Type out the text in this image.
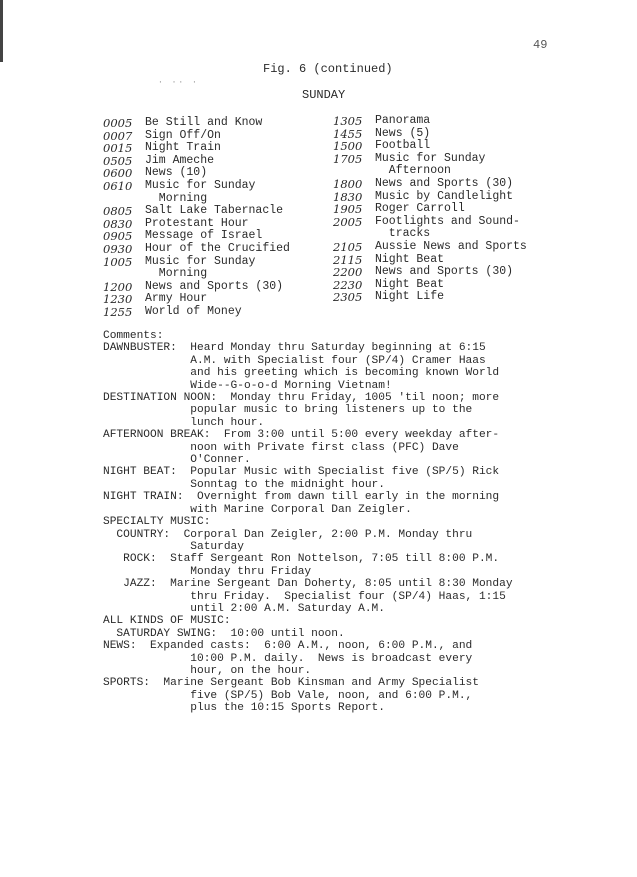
49
· ·· ·
Fig. 6 (continued)
SUNDAY
0005	Be Still and Know
0007	Sign Off/On
0015	Night Train
0505	Jim Ameche
0600	News (10)
0610	Music for Sunday
Morning
0805	Salt Lake Tabernacle
0830	Protestant Hour
0905	Message of Israel
0930	Hour of the Crucified
1005	Music for Sunday
Morning
1200	News and Sports (30)
1230	Army Hour
1255	World of Money
1305	Panorama
1455	News (5)
1500	Football
1705	Music for Sunday
Afternoon
1800	News and Sports (30)
1830	Music by Candlelight
1905	Roger Carroll
2005	Footlights and Sound-
tracks
2105	Aussie News and Sports
2115	Night Beat
2200	News and Sports (30)
2230	Night Beat
2305	Night Life
Comments:
DAWNBUSTER:  Heard Monday thru Saturday beginning at 6:15
A.M. with Specialist four (SP/4) Cramer Haas
and his greeting which is becoming known World
Wide--G-o-o-d Morning Vietnam!
DESTINATION NOON:  Monday thru Friday, 1005 'til noon; more
popular music to bring listeners up to the
lunch hour.
AFTERNOON BREAK:  From 3:00 until 5:00 every weekday after-
noon with Private first class (PFC) Dave
O'Conner.
NIGHT BEAT:  Popular Music with Specialist five (SP/5) Rick
Sonntag to the midnight hour.
NIGHT TRAIN:  Overnight from dawn till early in the morning
with Marine Corporal Dan Zeigler.
SPECIALTY MUSIC:
COUNTRY:  Corporal Dan Zeigler, 2:00 P.M. Monday thru
Saturday
ROCK:  Staff Sergeant Ron Nottelson, 7:05 till 8:00 P.M.
Monday thru Friday
JAZZ:  Marine Sergeant Dan Doherty, 8:05 until 8:30 Monday
thru Friday.  Specialist four (SP/4) Haas, 1:15
until 2:00 A.M. Saturday A.M.
ALL KINDS OF MUSIC:
SATURDAY SWING:  10:00 until noon.
NEWS:  Expanded casts:  6:00 A.M., noon, 6:00 P.M., and
10:00 P.M. daily.  News is broadcast every
hour, on the hour.
SPORTS:  Marine Sergeant Bob Kinsman and Army Specialist
five (SP/5) Bob Vale, noon, and 6:00 P.M.,
plus the 10:15 Sports Report.
